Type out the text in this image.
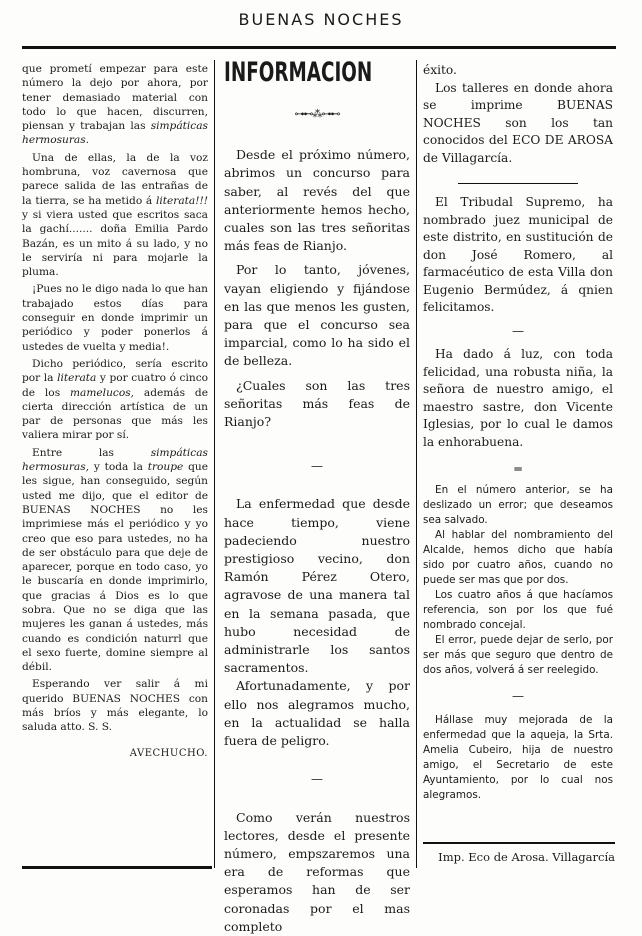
BUENAS NOCHES

que prometí empezar para este número la dejo por ahora, por tener demasiado material con todo lo que hacen, discurren, piensan y trabajan las simpáticas hermosuras.

Una de ellas, la de la voz hombruna, voz cavernosa que parece salida de las entrañas de la tierra, se ha metido á literata!!! y si viera usted que escritos saca la gachí....... doña Emilia Pardo Bazán, es un mito á su lado, y no le serviría ni para mojarle la pluma.

¡Pues no le digo nada lo que han trabajado estos días para conseguir en donde imprimir un periódico y poder ponerlos á ustedes de vuelta y media!.

Dicho periódico, sería escrito por la literata y por cuatro ó cinco de los mamelucos, además de cierta dirección artística de un par de personas que más les valiera mirar por sí.

Entre las	simpáticas hermosuras, y toda la troupe que les sigue, han conseguido, según usted me dijo, que el editor de BUENAS NOCHES no les imprimiese más el periódico y yo creo que eso para ustedes, no ha de ser obstáculo para que deje de aparecer, porque en todo caso, yo le buscaría en donde imprimirlo, que gracias á Dios es lo que sobra. Que no se diga que las mujeres les ganan á ustedes, más cuando es condición naturrl que el sexo fuerte, domine siempre al débil.

Esperando ver salir á mi querido BUENAS NOCHES con más bríos y más elegante, lo saluda atto. S. S.

AVECHUCHO.

INFORMACION
⊶⊷⁂⊶⊷

Desde el próximo número, abrimos un concurso para saber, al revés del que anteriormente hemos hecho, cuales son las tres señoritas más feas de Rianjo.

Por lo tanto, jóvenes, vayan eligiendo y fijándose en las que menos les gusten, para que el concurso sea imparcial, como lo ha sido el de belleza.

¿Cuales son las tres señoritas más feas de Rianjo?

—

La enfermedad que desde hace tiempo, viene padeciendo nuestro prestigioso vecino, don Ramón Pérez Otero, agravose de una manera tal en la semana pasada, que hubo necesidad de administrarle los santos sacramentos.

Afortunadamente, y por ello nos alegramos mucho, en la actualidad se halla fuera de peligro.

—

Como verán nuestros lectores, desde el presente número, empszaremos una era de reformas que esperamos han de ser coronadas por el mas completo

éxito.

Los talleres en donde ahora se imprime BUENAS NOCHES son los tan conocidos del ECO DE AROSA de Villagarcía.

El Tribudal Supremo, ha nombrado juez municipal de este distrito, en sustitución de don José Romero, al farmacéutico de esta Villa don Eugenio Bermúdez, á qnien felicitamos.

—

Ha dado á luz, con toda felicidad, una robusta niña, la señora de nuestro amigo, el maestro sastre, don Vicente Iglesias, por lo cual le damos la enhorabuena.

═

En el número anterior, se ha deslizado un error; que deseamos sea salvado.

Al hablar del nombramiento del Alcalde, hemos dicho que había sido por cuatro años, cuando no puede ser mas que por dos.

Los cuatro años á que hacíamos referencia, son por los que fué nombrado concejal.

El error, puede dejar de serlo, por ser más que seguro que dentro de dos años, volverá á ser reelegido.

—

Hállase muy mejorada de la enfermedad que la aqueja, la Srta. Amelia Cubeiro, hija de nuestro amigo, el Secretario de este Ayuntamiento, por lo cual nos alegramos.

Imp. Eco de Arosa. Villagarcía
